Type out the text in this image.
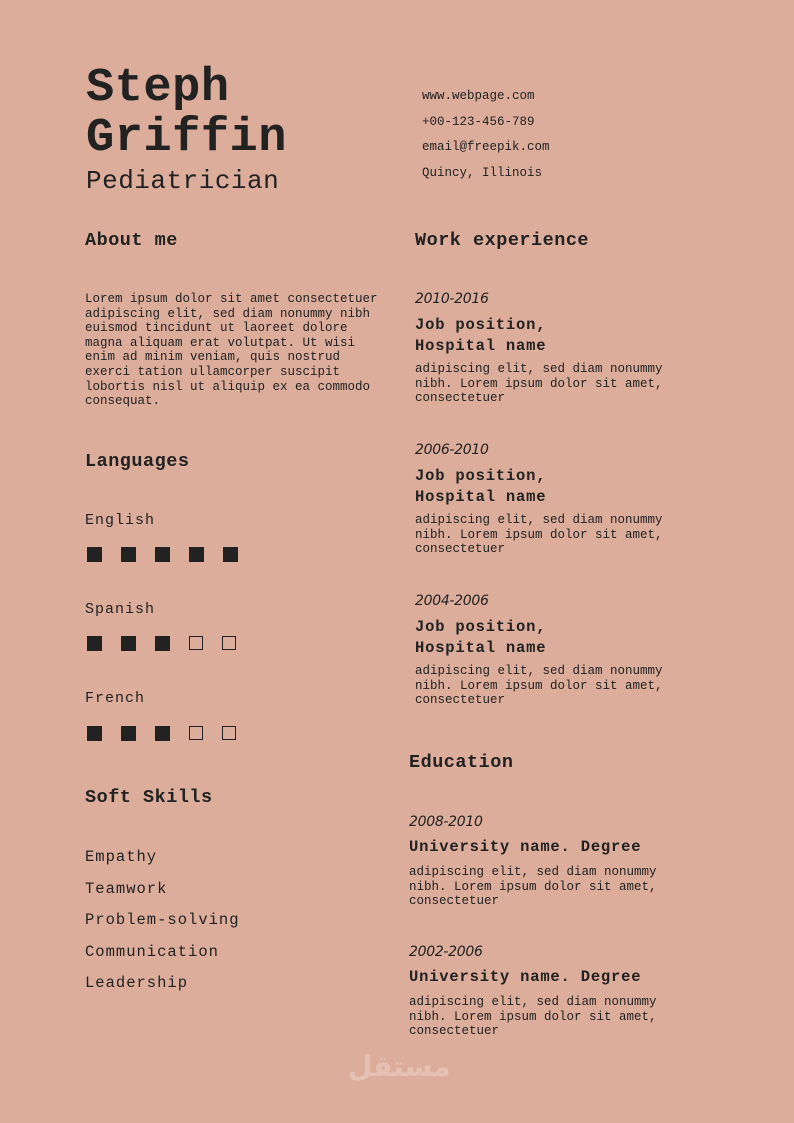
Steph
Griffin
Pediatrician
www.webpage.com
+00-123-456-789
email@freepik.com
Quincy, Illinois
About me
Lorem ipsum dolor sit amet consectetuer adipiscing elit, sed diam nonummy nibh euismod tincidunt ut laoreet dolore magna aliquam erat volutpat. Ut wisi enim ad minim veniam, quis nostrud exerci tation ullamcorper suscipit lobortis nisl ut aliquip ex ea commodo consequat.
Languages
English
Spanish
French
Soft Skills
Empathy
Teamwork
Problem-solving
Communication
Leadership
Work experience
2010-2016
Job position,
Hospital name
adipiscing elit, sed diam nonummy nibh. Lorem ipsum dolor sit amet, consectetuer
2006-2010
Job position,
Hospital name
adipiscing elit, sed diam nonummy nibh. Lorem ipsum dolor sit amet, consectetuer
2004-2006
Job position,
Hospital name
adipiscing elit, sed diam nonummy nibh. Lorem ipsum dolor sit amet, consectetuer
Education
2008-2010
University name. Degree
adipiscing elit, sed diam nonummy nibh. Lorem ipsum dolor sit amet, consectetuer
2002-2006
University name. Degree
adipiscing elit, sed diam nonummy nibh. Lorem ipsum dolor sit amet, consectetuer
مستقل
